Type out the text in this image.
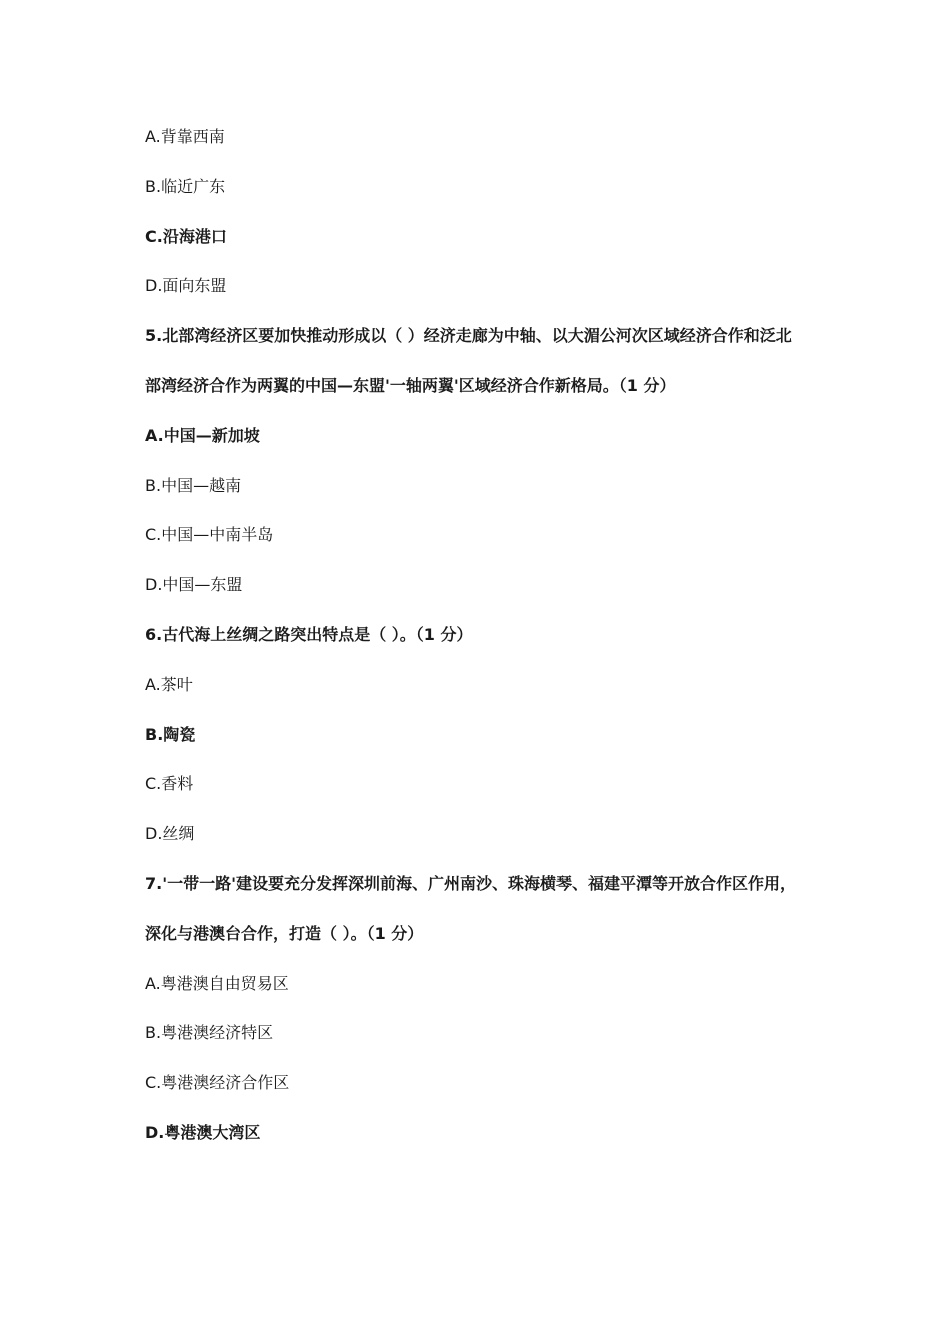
A.背靠西南
B.临近广东
C.沿海港口
D.面向东盟
5.北部湾经济区要加快推动形成以（ ）经济走廊为中轴、以大湄公河次区域经济合作和泛北
部湾经济合作为两翼的中国—东盟'一轴两翼'区域经济合作新格局。（1 分）
A.中国—新加坡
B.中国—越南
C.中国—中南半岛
D.中国—东盟
6.古代海上丝绸之路突出特点是（ ）。（1 分）
A.茶叶
B.陶瓷
C.香料
D.丝绸
7.'一带一路'建设要充分发挥深圳前海、广州南沙、珠海横琴、福建平潭等开放合作区作用，
深化与港澳台合作，打造（ ）。（1 分）
A.粤港澳自由贸易区
B.粤港澳经济特区
C.粤港澳经济合作区
D.粤港澳大湾区
